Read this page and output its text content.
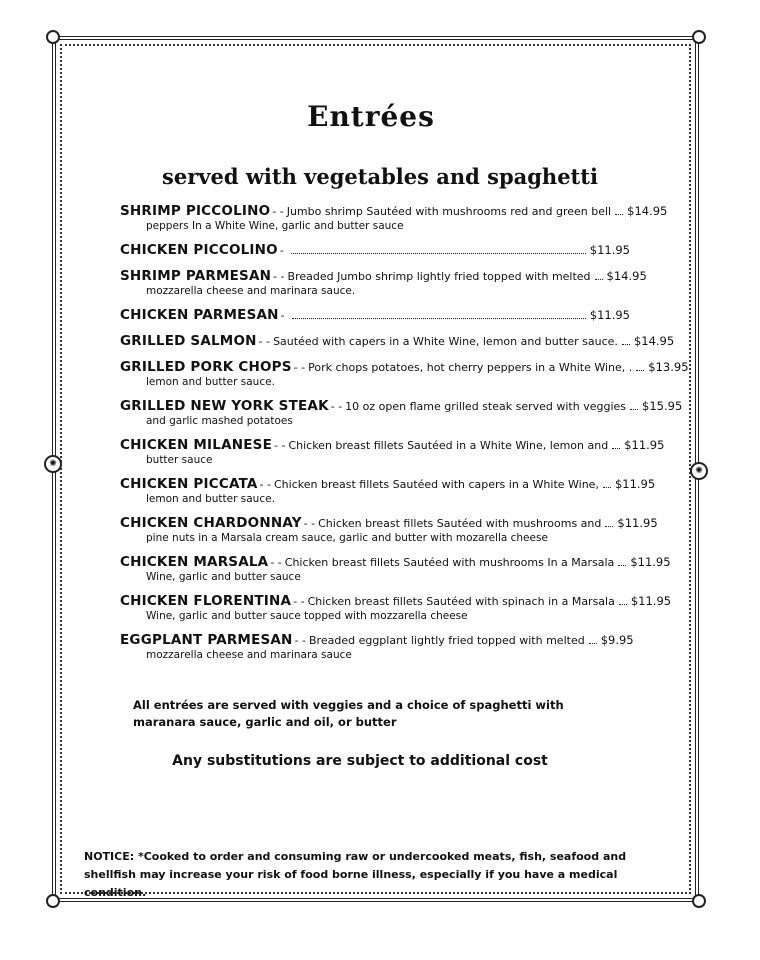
✺
✺
Entrées
served with vegetables and spaghetti
SHRIMP PICCOLINO - - Jumbo shrimp Sautéed with mushrooms red and green bell $14.95
peppers In a White Wine, garlic and butter sauce
CHICKEN PICCOLINO -	$11.95
SHRIMP PARMESAN - - Breaded Jumbo shrimp lightly fried topped with melted $14.95
mozzarella cheese and marinara sauce.
CHICKEN PARMESAN -	$11.95
GRILLED SALMON - - Sautéed with capers in a White Wine, lemon and butter sauce. $14.95
GRILLED PORK CHOPS - - Pork chops potatoes, hot cherry peppers in a White Wine, . $13.95
lemon and butter sauce.
GRILLED NEW YORK STEAK - - 10 oz open flame grilled steak served with veggies $15.95
and garlic mashed potatoes
CHICKEN MILANESE - - Chicken breast fillets Sautéed in a White Wine, lemon and $11.95
butter sauce
CHICKEN PICCATA - - Chicken breast fillets Sautéed with capers in a White Wine, $11.95
lemon and butter sauce.
CHICKEN CHARDONNAY - - Chicken breast fillets Sautéed with mushrooms and $11.95
pine nuts in a Marsala cream sauce, garlic and butter with mozarella cheese
CHICKEN MARSALA - - Chicken breast fillets Sautéed with mushrooms In a Marsala $11.95
Wine, garlic and butter sauce
CHICKEN FLORENTINA - - Chicken breast fillets Sautéed with spinach in a Marsala $11.95
Wine, garlic and butter sauce topped with mozzarella cheese
EGGPLANT PARMESAN - - Breaded eggplant lightly fried topped with melted $9.95
mozzarella cheese and marinara sauce
All entrées are served with veggies and a choice of spaghetti with maranara sauce, garlic and oil, or butter
Any substitutions are subject to additional cost
NOTICE: *Cooked to order and consuming raw or undercooked meats, fish, seafood and shellfish may increase your risk of food borne illness, especially if you have a medical condition.
